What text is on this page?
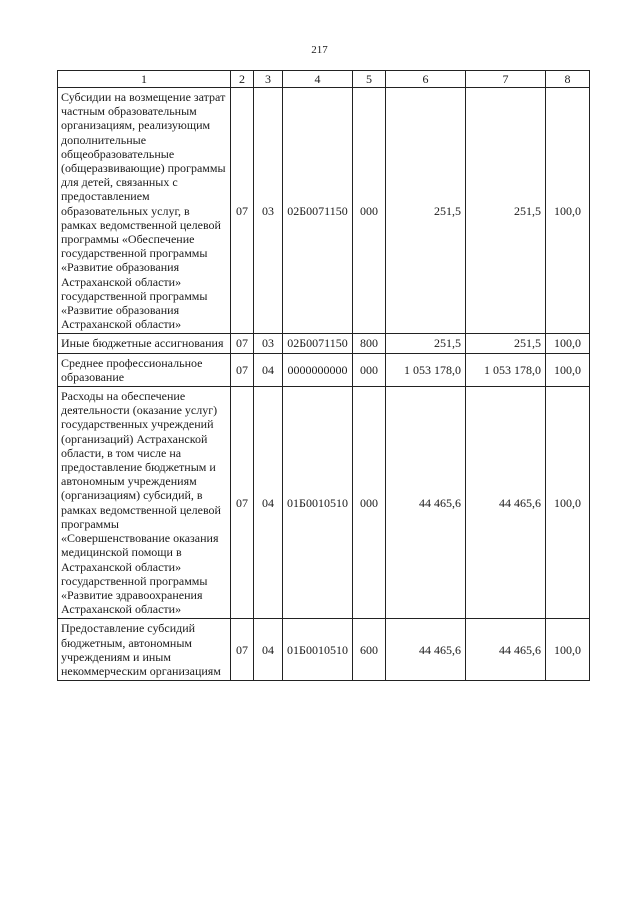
217
1	2	3	4	5	6	7	8
Субсидии на возмещение затрат частным образовательным организациям, реализующим дополнительные общеобразовательные (общеразвивающие) программы для детей, связанных с предоставлением образовательных услуг, в рамках ведомственной целевой программы «Обеспечение государственной программы «Развитие образования Астраханской области» государственной программы «Развитие образования Астраханской области»	07	03	02Б0071150	000	251,5	251,5	100,0
Иные бюджетные ассигнования	07	03	02Б0071150	800	251,5	251,5	100,0
Среднее профессиональное образование	07	04	0000000000	000	1 053 178,0	1 053 178,0	100,0
Расходы на обеспечение деятельности (оказание услуг) государственных учреждений (организаций) Астраханской области, в том числе на предоставление бюджетным и автономным учреждениям (организациям) субсидий, в рамках ведомственной целевой программы «Совершенствование оказания медицинской помощи в Астраханской области» государственной программы «Развитие здравоохранения Астраханской области»	07	04	01Б0010510	000	44 465,6	44 465,6	100,0
Предоставление субсидий бюджетным, автономным учреждениям и иным некоммерческим организациям	07	04	01Б0010510	600	44 465,6	44 465,6	100,0
